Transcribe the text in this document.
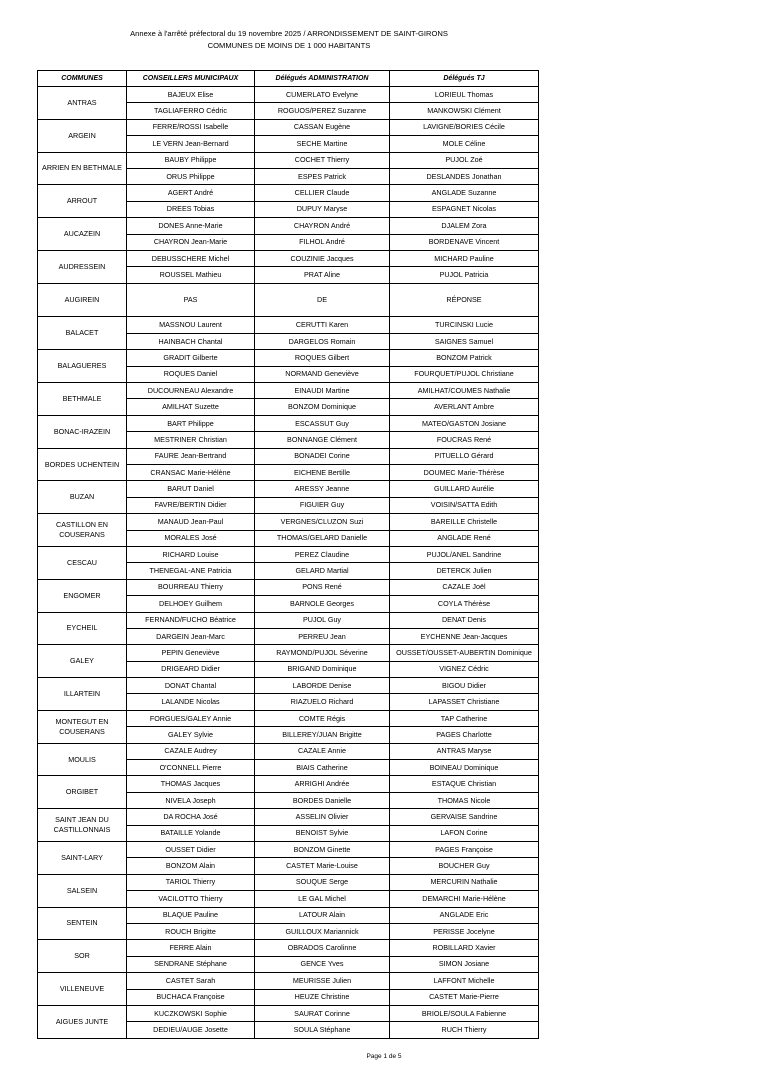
Annexe à l'arrêté préfectoral du 19 novembre 2025 / ARRONDISSEMENT DE SAINT-GIRONS
COMMUNES DE MOINS DE 1 000 HABITANTS
COMMUNES	CONSEILLERS MUNICIPAUX	Délégués ADMINISTRATION	Délégués TJ
ANTRAS	BAJEUX Elise	CUMERLATO Evelyne	LORIEUL Thomas
	TAGLIAFERRO Cédric	ROGUOS/PEREZ Suzanne	MANKOWSKI Clément
ARGEIN	FERRE/ROSSI Isabelle	CASSAN Eugène	LAVIGNE/BORIES Cécile
	LE VERN Jean-Bernard	SECHE Martine	MOLE Céline
ARRIEN EN BETHMALE	BAUBY Philippe	COCHET Thierry	PUJOL Zoé
	ORUS Philippe	ESPES Patrick	DESLANDES Jonathan
ARROUT	AGERT André	CELLIER Claude	ANGLADE Suzanne
	DREES Tobias	DUPUY Maryse	ESPAGNET Nicolas
AUCAZEIN	DONES Anne-Marie	CHAYRON André	DJALEM Zora
	CHAYRON Jean-Marie	FILHOL André	BORDENAVE Vincent
AUDRESSEIN	DEBUSSCHERE Michel	COUZINIE Jacques	MICHARD Pauline
	ROUSSEL Mathieu	PRAT Aline	PUJOL Patricia
AUGIREIN	PAS	DE	RÉPONSE
BALACET	MASSNOU Laurent	CERUTTI Karen	TURCINSKI Lucie
	HAINBACH Chantal	DARGELOS Romain	SAIGNES Samuel
BALAGUERES	GRADIT Gilberte	ROQUES Gilbert	BONZOM Patrick
	ROQUES Daniel	NORMAND Geneviève	FOURQUET/PUJOL Christiane
BETHMALE	DUCOURNEAU Alexandre	EINAUDI Martine	AMILHAT/COUMES Nathalie
	AMILHAT Suzette	BONZOM Dominique	AVERLANT Ambre
BONAC-IRAZEIN	BART Philippe	ESCASSUT Guy	MATEO/GASTON Josiane
	MESTRINER Christian	BONNANGE Clément	FOUCRAS René
BORDES UCHENTEIN	FAURE Jean-Bertrand	BONADEI Corine	PITUELLO Gérard
	CRANSAC Marie-Hélène	EICHENE Bertille	DOUMEC Marie-Thérèse
BUZAN	BARUT Daniel	ARESSY Jeanne	GUILLARD Aurélie
	FAVRE/BERTIN Didier	FIGUIER Guy	VOISIN/SATTA Edith
CASTILLON EN COUSERANS	MANAUD Jean-Paul	VERGNES/CLUZON Suzi	BAREILLE Christelle
	MORALES José	THOMAS/GELARD Danielle	ANGLADE René
CESCAU	RICHARD Louise	PEREZ Claudine	PUJOL/ANEL Sandrine
	THENEGAL-ANE Patricia	GELARD Martial	DETERCK Julien
ENGOMER	BOURREAU Thierry	PONS René	CAZALE Joël
	DELHOEY Guilhem	BARNOLE Georges	COYLA Thérèse
EYCHEIL	FERNAND/FUCHO Béatrice	PUJOL Guy	DENAT Denis
	DARGEIN Jean-Marc	PERREU Jean	EYCHENNE Jean-Jacques
GALEY	PEPIN Geneviève	RAYMOND/PUJOL Séverine	OUSSET/OUSSET-AUBERTIN Dominique
	DRIGEARD Didier	BRIGAND Dominique	VIGNEZ Cédric
ILLARTEIN	DONAT Chantal	LABORDE Denise	BIGOU Didier
	LALANDE Nicolas	RIAZUELO Richard	LAPASSET Christiane
MONTEGUT EN COUSERANS	FORGUES/GALEY Annie	COMTE Régis	TAP Catherine
	GALEY Sylvie	BILLEREY/JUAN Brigitte	PAGES Charlotte
MOULIS	CAZALE Audrey	CAZALE Annie	ANTRAS Maryse
	O'CONNELL Pierre	BIAIS Catherine	BOINEAU Dominique
ORGIBET	THOMAS Jacques	ARRIGHI Andrée	ESTAQUE Christian
	NIVELA Joseph	BORDES Danielle	THOMAS Nicole
SAINT JEAN DU CASTILLONNAIS	DA ROCHA José	ASSELIN Olivier	GERVAISE Sandrine
	BATAILLE Yolande	BENOIST Sylvie	LAFON Corine
SAINT-LARY	OUSSET Didier	BONZOM Ginette	PAGES Françoise
	BONZOM Alain	CASTET Marie-Louise	BOUCHER Guy
SALSEIN	TARIOL Thierry	SOUQUE Serge	MERCURIN Nathalie
	VACILOTTO Thierry	LE GAL Michel	DEMARCHI Marie-Hélène
SENTEIN	BLAQUE Pauline	LATOUR Alain	ANGLADE Eric
	ROUCH Brigitte	GUILLOUX Mariannick	PERISSE Jocelyne
SOR	FERRE Alain	OBRADOS Carolinne	ROBILLARD Xavier
	SENDRANE Stéphane	GENCE Yves	SIMON Josiane
VILLENEUVE	CASTET Sarah	MEURISSE Julien	LAFFONT Michelle
	BUCHACA Françoise	HEUZE Christine	CASTET Marie-Pierre
AIGUES JUNTE	KUCZKOWSKI Sophie	SAURAT Corinne	BRIOLE/SOULA Fabienne
	DEDIEU/AUGE Josette	SOULA Stéphane	RUCH Thierry
Page 1 de 5
